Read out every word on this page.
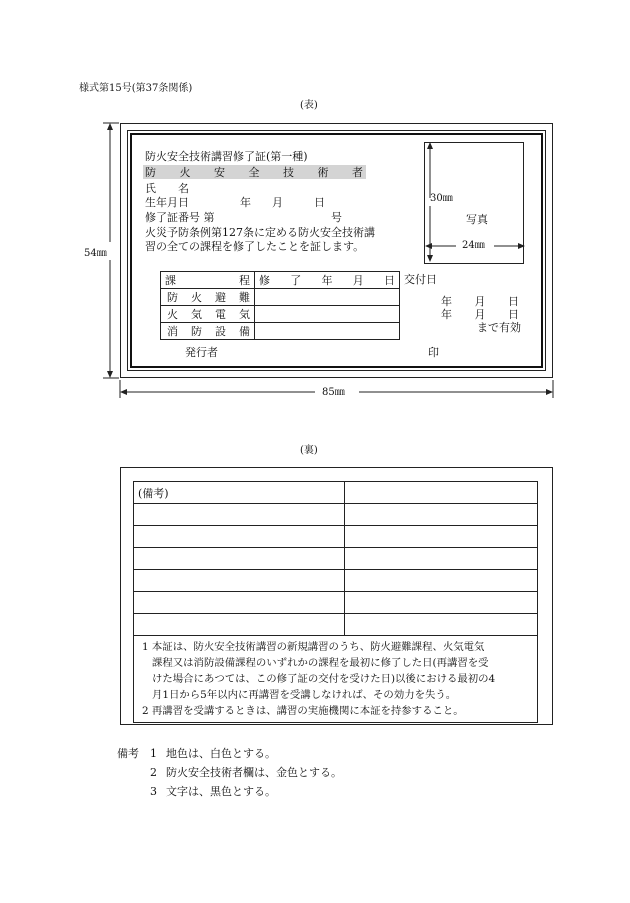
様式第15号(第37条関係)
(表)
防火安全技術講習修了証(第一種)
防 火 安 全 技 術 者
氏 名
生年月日	年 月	日
修了証番号 第	号
火災予防条例第127条に定める防火安全技術講
習の全ての課程を修了したことを証します。
30㎜
写真
24㎜
課 程	修 了 年 月 日

防 火 避 難	

火 気 電 気	

消 防 設 備	

交付日
年 月 日
年 月 日
まで有効
発行者	印
54㎜
85㎜
(裏)
(備考)	

1 本証は、防火安全技術講習の新規講習のうち、防火避難課程、火気電気
課程又は消防設備課程のいずれかの課程を最初に修了した日(再講習を受
けた場合にあつては、この修了証の交付を受けた日)以後における最初の4
月1日から5年以内に再講習を受講しなければ、その効力を失う。
2 再講習を受講するときは、講習の実施機関に本証を持参すること。	
備考 1 地色は、白色とする。
2 防火安全技術者欄は、金色とする。
3 文字は、黒色とする。
